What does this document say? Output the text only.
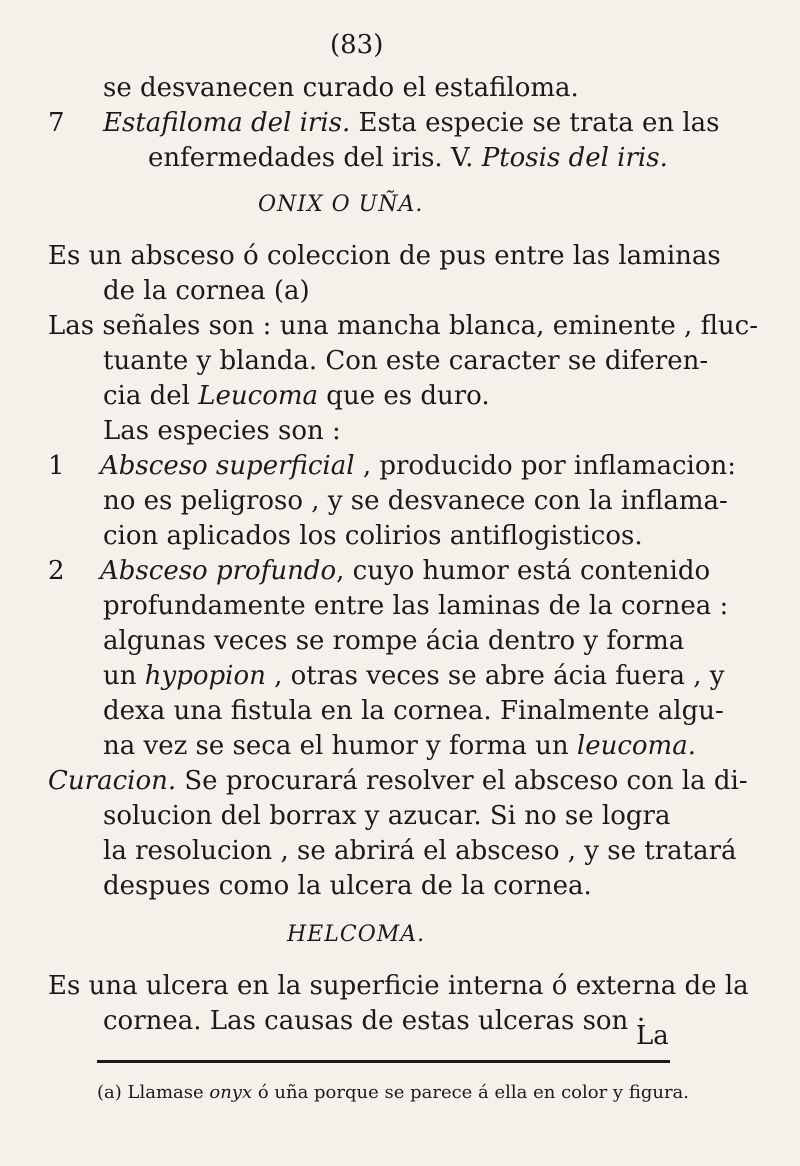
(83)
se desvanecen curado el estafiloma.
7 Estafiloma del iris. Esta especie se trata en las
enfermedades del iris. V. Ptosis del iris.
ONIX O UÑA.
Es un absceso ó coleccion de pus entre las laminas
de la cornea (a)
Las señales son : una mancha blanca, eminente , fluc-
tuante y blanda. Con este caracter se diferen-
cia del Leucoma que es duro.
Las especies son :
1 Absceso superficial , producido por inflamacion:
no es peligroso , y se desvanece con la inflama-
cion aplicados los colirios antiflogisticos.
2 Absceso profundo, cuyo humor está contenido
profundamente entre las laminas de la cornea :
algunas veces se rompe ácia dentro y forma
un hypopion , otras veces se abre ácia fuera , y
dexa una fistula en la cornea. Finalmente algu-
na vez se seca el humor y forma un leucoma.
Curacion. Se procurará resolver el absceso con la di-
solucion del borrax y azucar. Si no se logra
la resolucion , se abrirá el absceso , y se tratará
despues como la ulcera de la cornea.
HELCOMA.
Es una ulcera en la superficie interna ó externa de la
cornea. Las causas de estas ulceras son :
La
(a) Llamase onyx ó uña porque se parece á ella en color y figura.
